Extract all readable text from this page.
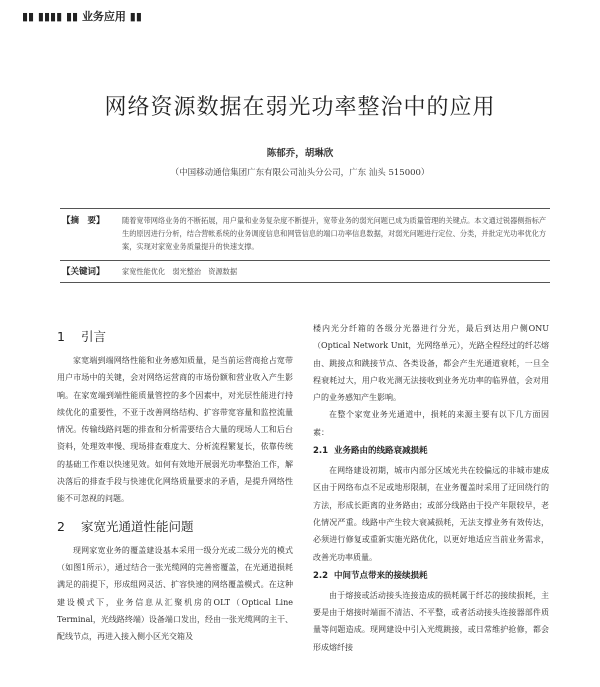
▮▮ ▮▮▮▮ ▮▮ 业务应用 ▮▮
网络资源数据在弱光功率整治中的应用
陈郁乔，胡琳欣
（中国移动通信集团广东有限公司汕头分公司，广东 汕头 515000）
【摘　要】 随着宽带网络业务的不断拓展，用户量和业务复杂度不断提升，宽带业务的弱光问题已成为质量管理的关键点。本文通过锐器侧指标产生的原因进行分析，结合营帐系统的业务调度信息和网管信息的端口功率信息数据，对弱光问题进行定位、分类，并批定光功率优化方案，实现对家宽业务质量提升的快速支撑。
【关键词】 家宽性能优化　弱光整治　资源数据
1 引言

家宽端到端网络性能和业务感知质量，是当前运营商抢占宽带用户市场中的关键，会对网络运营商的市场份额和营业收入产生影响。在家宽端到端性能质量管控的多个因素中，对光层性能进行持续优化的重要性，不亚于改善网络结构、扩容带宽容量和监控流量情况。传输线路问题的排查和分析需要结合大量的现场人工和后台资料，处理效率慢、现场排查难度大、分析流程繁复长，依靠传统的基础工作难以快速见效。如何有效地开展弱光功率整治工作，解决落后的排查手段与快速优化网络质量要求的矛盾，是提升网络性能不可忽视的问题。

2 家宽光通道性能问题

现网家宽业务的覆盖建设基本采用一级分光或二级分光的模式（如图1所示），通过结合一张光缆网的完善密覆盖，在光通道损耗满足的前提下，形成组网灵活、扩容快速的网络覆盖模式。在这种建设模式下，业务信息从汇聚机房的OLT（Optical Line Terminal，光线路终端）设备端口发出，经由一张光缆网的主干、配线节点，再进入接入侧小区光交箱及

楼内光分纤箱的各级分光器进行分光，最后到达用户侧ONU（Optical Network Unit，光网络单元），光路全程经过的纤芯熔由、跳接点和跳接节点、各类设备，都会产生光通道衰耗，一旦全程衰耗过大，用户收光测无法接收到业务光功率的临界值，会对用户的业务感知产生影响。

在整个家宽业务光通道中，损耗的来源主要有以下几方面因素：

2.1 业务路由的线路衰减损耗

在网络建设初期，城市内部分区域光共在较偏远的非城市建成区由于网络布点不足或地形限制，在业务覆盖时采用了迂回绕行的方法，形成长距离的业务路由；或部分线路由于投产年限较早，老化情况严重。线路中产生较大衰减损耗，无法支撑业务有效传达，必须进行修复或重新实施光路优化，以更好地适应当前业务需求，改善光功率质量。

2.2 中间节点带来的接续损耗

由于熔接或活动接头连接造成的损耗属于纤芯的接续损耗，主要是由于熔接时端面不清洁、不平整，或者活动接头连接器部件质量等问题造成。现网建设中引入光缆跳接，或日常维护抢修，都会形成熔纤接
